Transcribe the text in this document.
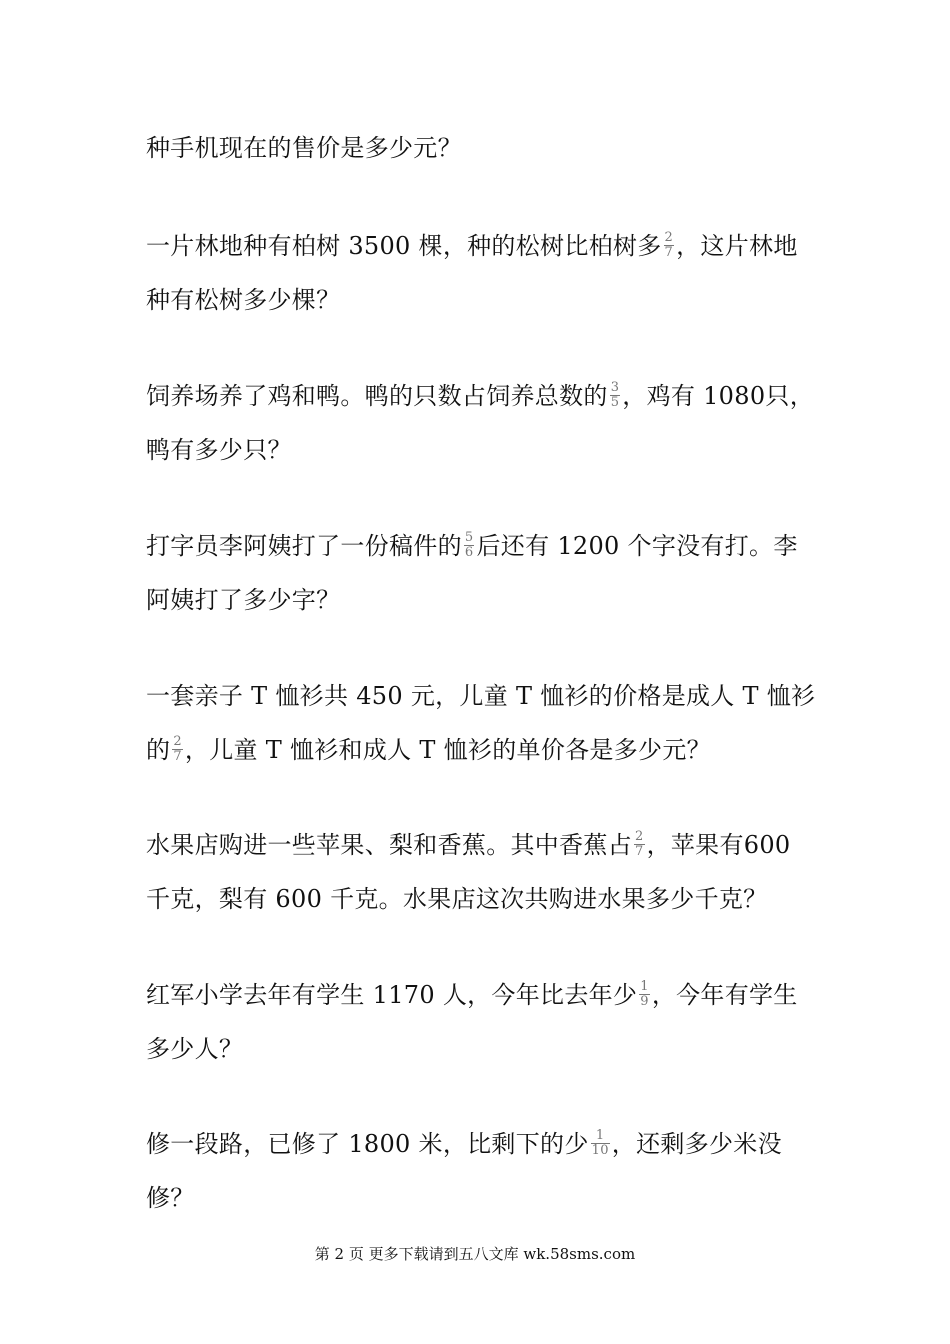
种手机现在的售价是多少元？

一片林地种有柏树 3500 棵，种的松树比柏树多 $\frac{2}{7}$ ，这片林地种有松树多少棵？

饲养场养了鸡和鸭。鸭的只数占饲养总数的 $\frac{3}{5}$ ，鸡有 1080只，鸭有多少只？

打字员李阿姨打了一份稿件的 $\frac{5}{6}$ 后还有 1200 个字没有打。李阿姨打了多少字？

一套亲子 T 恤衫共 450 元，儿童 T 恤衫的价格是成人 T 恤衫的 $\frac{2}{7}$ ，儿童 T 恤衫和成人 T 恤衫的单价各是多少元？

水果店购进一些苹果、梨和香蕉。其中香蕉占 $\frac{2}{7}$ ，苹果有600 千克，梨有 600 千克。水果店这次共购进水果多少千克？

红军小学去年有学生 1170 人，今年比去年少 $\frac{1}{9}$ ，今年有学生多少人？

修一段路，已修了 1800 米，比剩下的少 $\frac{1}{10}$ ，还剩多少米没修？

第 2 页 更多下载请到五八文库 wk.58sms.com
